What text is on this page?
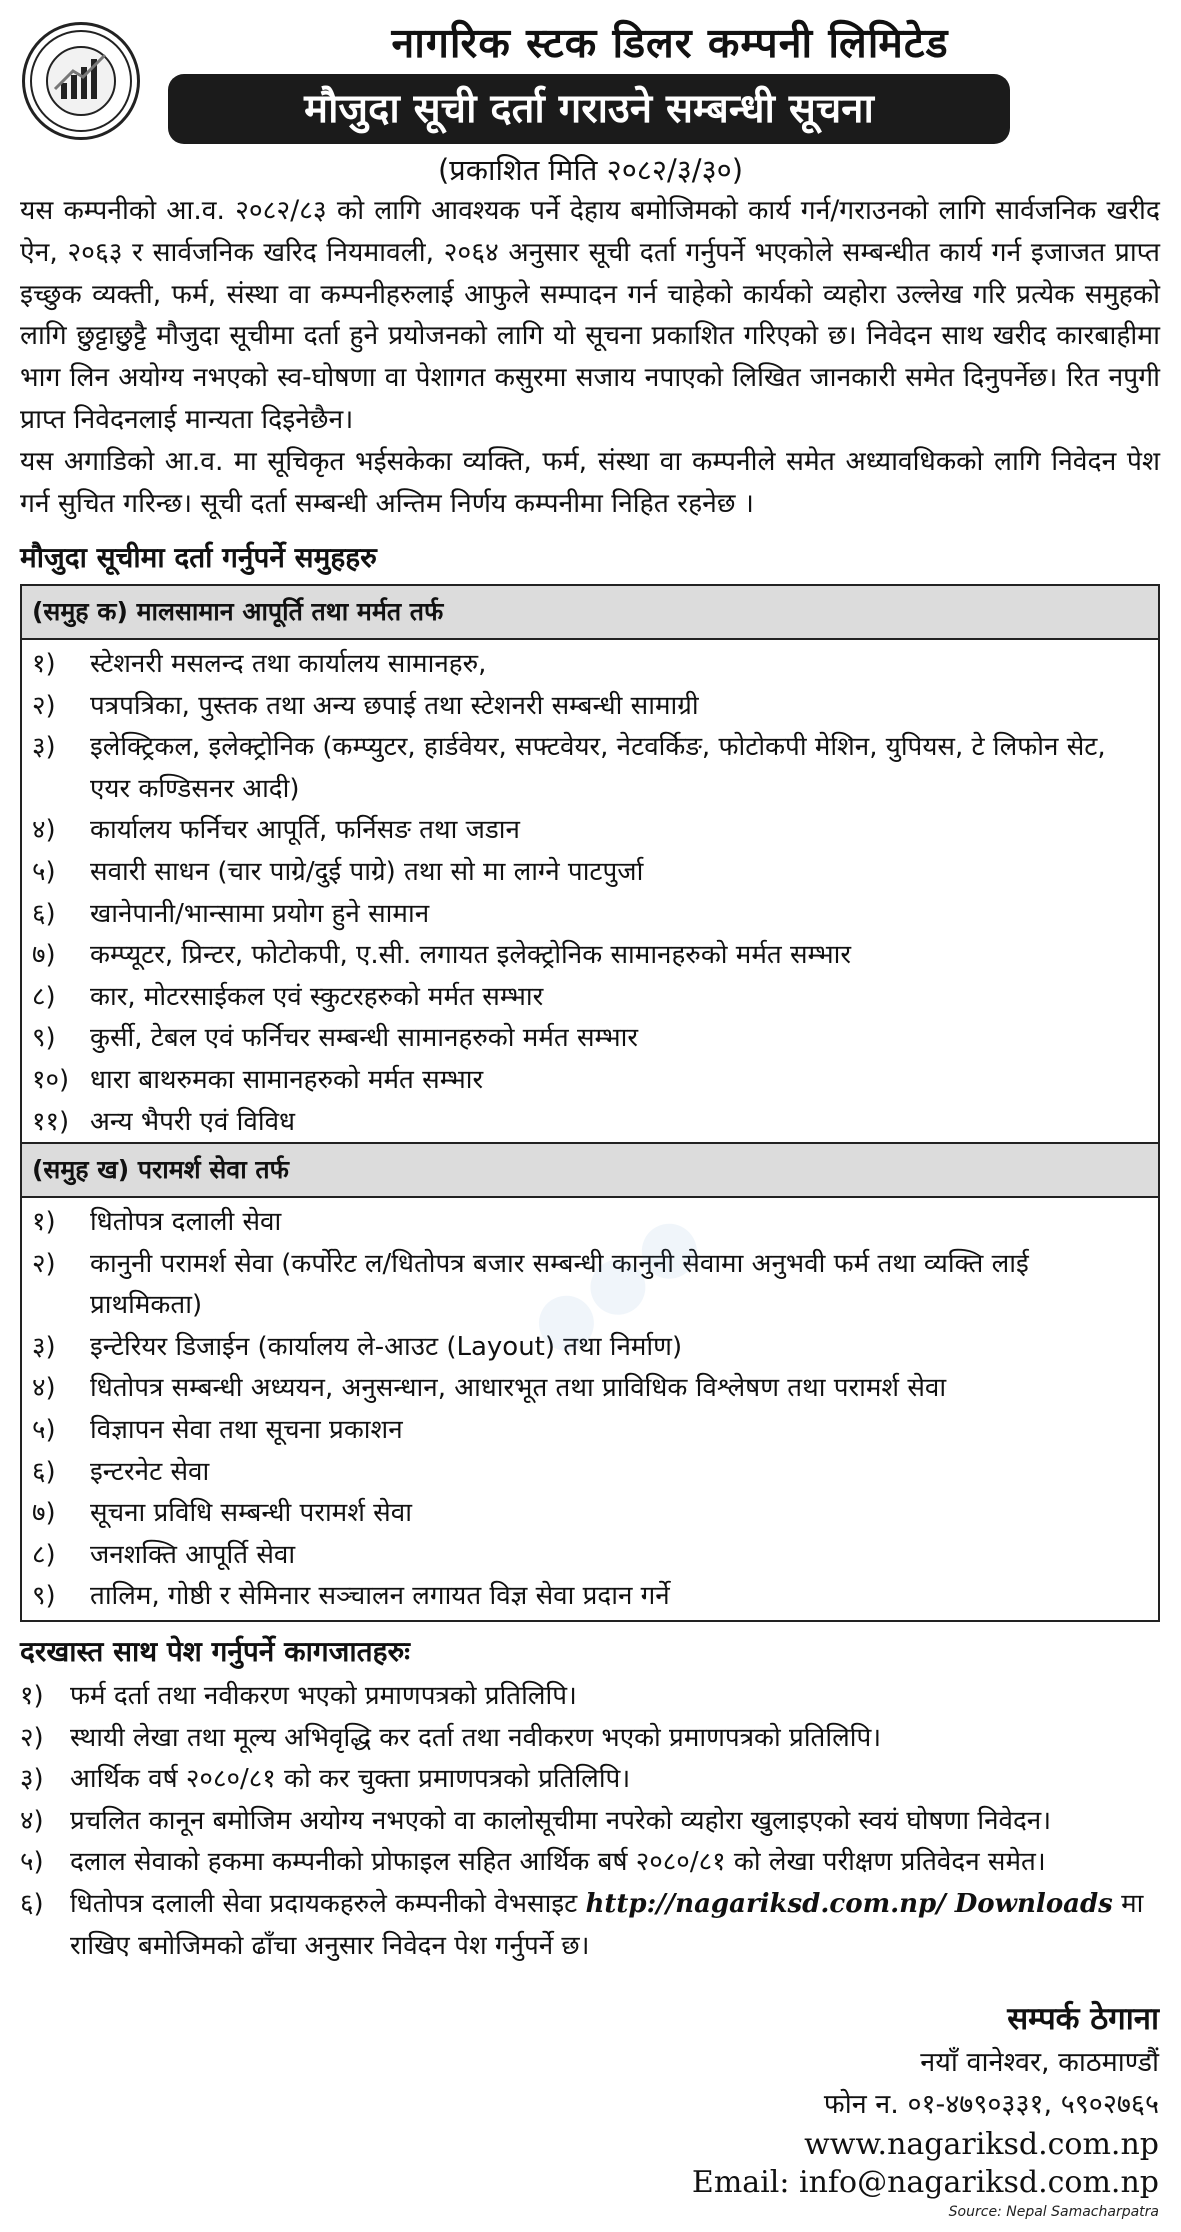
नागरिक स्टक डिलर कम्पनी लिमिटेड
मौजुदा सूची दर्ता गराउने सम्बन्धी सूचना
(प्रकाशित मिति २०८२/३/३०)

यस कम्पनीको आ.व. २०८२/८३ को लागि आवश्यक पर्ने देहाय बमोजिमको कार्य गर्न/गराउनको लागि सार्वजनिक खरीद ऐन, २०६३ र सार्वजनिक खरिद नियमावली, २०६४ अनुसार सूची दर्ता गर्नुपर्ने भएकोले सम्बन्धीत कार्य गर्न इजाजत प्राप्त इच्छुक व्यक्ती, फर्म, संस्था वा कम्पनीहरुलाई आफुले सम्पादन गर्न चाहेको कार्यको व्यहोरा उल्लेख गरि प्रत्येक समुहको लागि छुट्टाछुट्टै मौजुदा सूचीमा दर्ता हुने प्रयोजनको लागि यो सूचना प्रकाशित गरिएको छ। निवेदन साथ खरीद कारबाहीमा भाग लिन अयोग्य नभएको स्व-घोषणा वा पेशागत कसुरमा सजाय नपाएको लिखित जानकारी समेत दिनुपर्नेछ। रित नपुगी प्राप्त निवेदनलाई मान्यता दिइनेछैन।

यस अगाडिको आ.व. मा सूचिकृत भईसकेका व्यक्ति, फर्म, संस्था वा कम्पनीले समेत अध्यावधिकको लागि निवेदन पेश गर्न सुचित गरिन्छ। सूची दर्ता सम्बन्धी अन्तिम निर्णय कम्पनीमा निहित रहनेछ ।

मौजुदा सूचीमा दर्ता गर्नुपर्ने समुहहरु
(समुह क) मालसामान आपूर्ति तथा मर्मत तर्फ
१)	स्टेशनरी मसलन्द तथा कार्यालय सामानहरु,
२)	पत्रपत्रिका, पुस्तक तथा अन्य छपाई तथा स्टेशनरी सम्बन्धी सामाग्री
३)	इलेक्ट्रिकल, इलेक्ट्रोनिक (कम्प्युटर, हार्डवेयर, सफ्टवेयर, नेटवर्किङ, फोटोकपी मेशिन, युपियस, टे लिफोन सेट, एयर कण्डिसनर आदी)
४)	कार्यालय फर्निचर आपूर्ति, फर्निसङ तथा जडान
५)	सवारी साधन (चार पाग्रे/दुई पाग्रे) तथा सो मा लाग्ने पाटपुर्जा
६)	खानेपानी/भान्सामा प्रयोग हुने सामान
७)	कम्प्यूटर, प्रिन्टर, फोटोकपी, ए.सी. लगायत इलेक्ट्रोनिक सामानहरुको मर्मत सम्भार
८)	कार, मोटरसाईकल एवं स्कुटरहरुको मर्मत सम्भार
९)	कुर्सी, टेबल एवं फर्निचर सम्बन्धी सामानहरुको मर्मत सम्भार
१०) धारा बाथरुमका सामानहरुको मर्मत सम्भार
११) अन्य भैपरी एवं विविध
(समुह ख) परामर्श सेवा तर्फ
१)	धितोपत्र दलाली सेवा
२)	कानुनी परामर्श सेवा (कर्पोरेट ल/धितोपत्र बजार सम्बन्धी कानुनी सेवामा अनुभवी फर्म तथा व्यक्ति लाई प्राथमिकता)
३)	इन्टेरियर डिजाईन (कार्यालय ले-आउट (Layout) तथा निर्माण)
४)	धितोपत्र सम्बन्धी अध्ययन, अनुसन्धान, आधारभूत तथा प्राविधिक विश्लेषण तथा परामर्श सेवा
५)	विज्ञापन सेवा तथा सूचना प्रकाशन
६)	इन्टरनेट सेवा
७)	सूचना प्रविधि सम्बन्धी परामर्श सेवा
८)	जनशक्ति आपूर्ति सेवा
९)	तालिम, गोष्ठी र सेमिनार सञ्चालन लगायत विज्ञ सेवा प्रदान गर्ने
दरखास्त साथ पेश गर्नुपर्ने कागजातहरुः
१)	फर्म दर्ता तथा नवीकरण भएको प्रमाणपत्रको प्रतिलिपि।
२)	स्थायी लेखा तथा मूल्य अभिवृद्धि कर दर्ता तथा नवीकरण भएको प्रमाणपत्रको प्रतिलिपि।
३)	आर्थिक वर्ष २०८०/८१ को कर चुक्ता प्रमाणपत्रको प्रतिलिपि।
४)	प्रचलित कानून बमोजिम अयोग्य नभएको वा कालोसूचीमा नपरेको व्यहोरा खुलाइएको स्वयं घोषणा निवेदन।
५)	दलाल सेवाको हकमा कम्पनीको प्रोफाइल सहित आर्थिक बर्ष २०८०/८१ को लेखा परीक्षण प्रतिवेदन समेत।
६)	धितोपत्र दलाली सेवा प्रदायकहरुले कम्पनीको वेभसाइट http://nagariksd.com.np/ Downloads मा राखिए बमोजिमको ढाँचा अनुसार निवेदन पेश गर्नुपर्ने छ।
सम्पर्क ठेगाना
नयाँ वानेश्वर, काठमाण्डौं
फोन न. ०१-४७९०३३१, ५९०२७६५
www.nagariksd.com.np
Email: info@nagariksd.com.np
Source: Nepal Samacharpatra
●●●
